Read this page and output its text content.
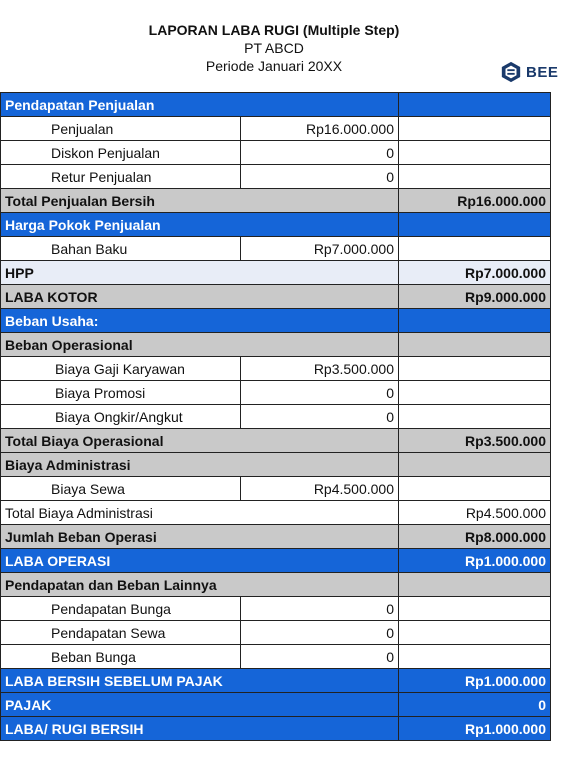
LAPORAN LABA RUGI (Multiple Step)
PT ABCD
Periode Januari 20XX	BEE
Pendapatan Penjualan		
Penjualan	Rp16.000.000	
Diskon Penjualan	0	
Retur Penjualan	0	
Total Penjualan Bersih		Rp16.000.000
Harga Pokok Penjualan		
Bahan Baku	Rp7.000.000	
HPP		Rp7.000.000
LABA KOTOR		Rp9.000.000
Beban Usaha:		
Beban Operasional		
Biaya Gaji Karyawan	Rp3.500.000	
Biaya Promosi	0	
Biaya Ongkir/Angkut	0	
Total Biaya Operasional		Rp3.500.000
Biaya Administrasi		
Biaya Sewa	Rp4.500.000	
Total Biaya Administrasi		Rp4.500.000
Jumlah Beban Operasi		Rp8.000.000
LABA OPERASI		Rp1.000.000
Pendapatan dan Beban Lainnya		
Pendapatan Bunga	0	
Pendapatan Sewa	0	
Beban Bunga	0	
LABA BERSIH SEBELUM PAJAK		Rp1.000.000
PAJAK		0
LABA/ RUGI BERSIH		Rp1.000.000
